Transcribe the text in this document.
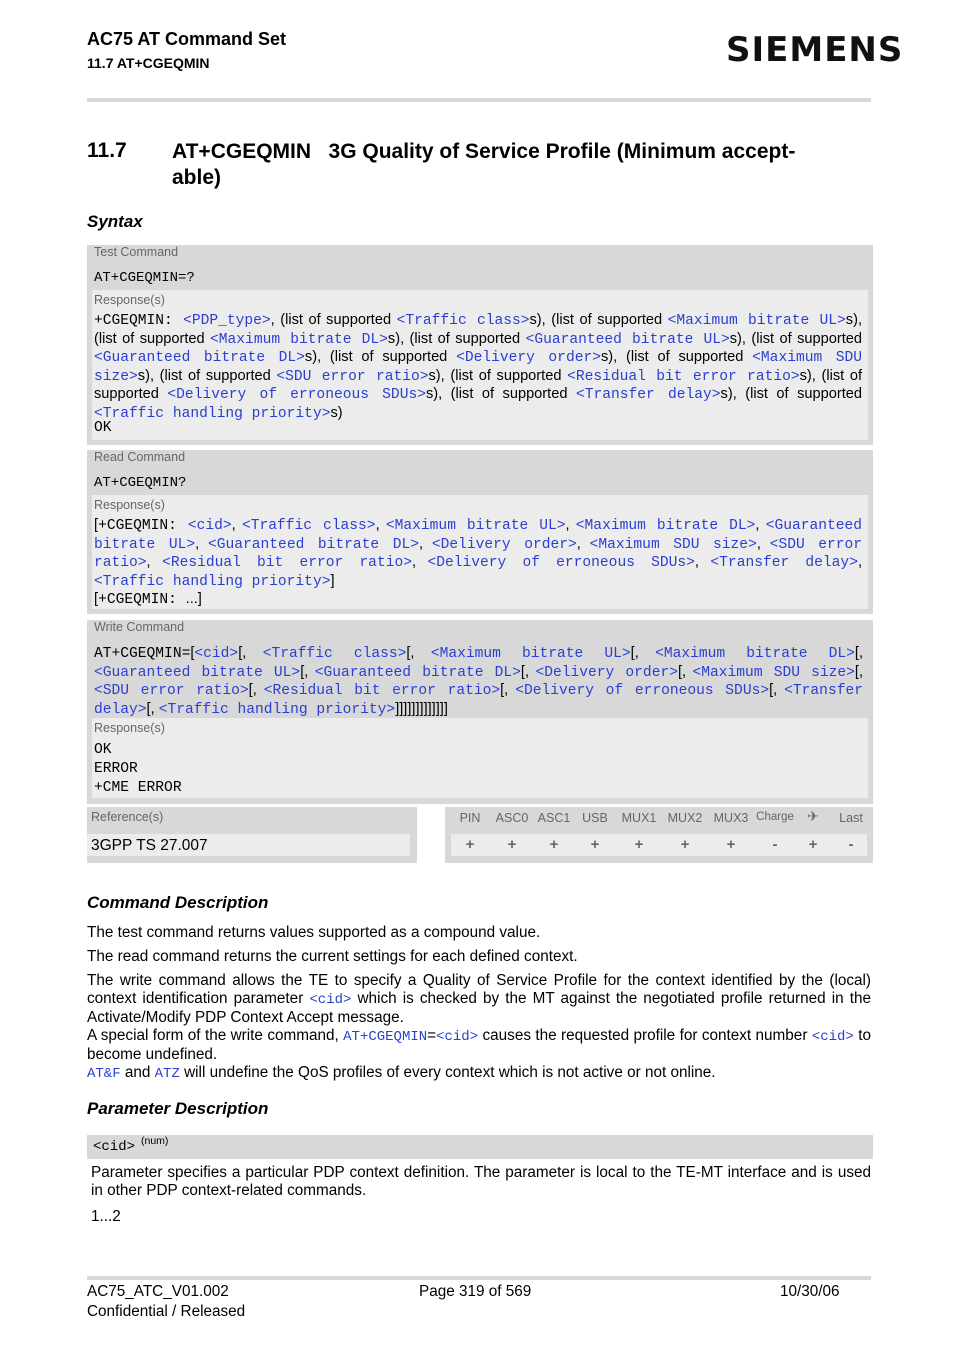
AC75 AT Command Set
11.7 AT+CGEQMIN	SIEMENS
11.7 AT+CGEQMIN   3G Quality of Service Profile (Minimum accept-
able)
Syntax
Test Command
AT+CGEQMIN=?
Response(s)
+CGEQMIN: <PDP_type>, (list of supported <Traffic class>s), (list of supported <Maximum bitrate UL>s), (list of supported <Maximum bitrate DL>s), (list of supported <Guaranteed bitrate UL>s), (list of supported <Guaranteed bitrate DL>s), (list of supported <Delivery order>s), (list of supported <Maximum SDU size>s), (list of supported <SDU error ratio>s), (list of supported <Residual bit error ratio>s), (list of supported <Delivery of erroneous SDUs>s), (list of supported <Transfer delay>s), (list of supported <Traffic handling priority>s)
OK
Read Command
AT+CGEQMIN?
Response(s)
[+CGEQMIN: <cid>, <Traffic class>, <Maximum bitrate UL>, <Maximum bitrate DL>, <Guaranteed bitrate UL>, <Guaranteed bitrate DL>, <Delivery order>, <Maximum SDU size>, <SDU error ratio>, <Residual bit error ratio>, <Delivery of erroneous SDUs>, <Transfer delay>, <Traffic handling priority>]
[+CGEQMIN: ...]
Write Command
AT+CGEQMIN=[<cid>[, <Traffic class>[, <Maximum bitrate UL>[, <Maximum bitrate DL>[, <Guaranteed bitrate UL>[, <Guaranteed bitrate DL>[, <Delivery order>[, <Maximum SDU size>[, <SDU error ratio>[, <Residual bit error ratio>[, <Delivery of erroneous SDUs>[, <Transfer delay>[, <Traffic handling priority>]]]]]]]]]]]]]
Response(s)
OK
ERROR
+CME ERROR
Reference(s)
3GPP TS 27.007
PIN ASC0 ASC1 USB MUX1 MUX2 MUX3 Charge ✈ Last
+ + + + + + + - + -
Command Description
The test command returns values supported as a compound value.
The read command returns the current settings for each defined context.
The write command allows the TE to specify a Quality of Service Profile for the context identified by the (local) context identification parameter <cid> which is checked by the MT against the negotiated profile returned in the Activate/Modify PDP Context Accept message.
A special form of the write command, AT+CGEQMIN=<cid> causes the requested profile for context number <cid> to become undefined.
AT&F and ATZ will undefine the QoS profiles of every context which is not active or not online.
Parameter Description
<cid> (num)
Parameter specifies a particular PDP context definition. The parameter is local to the TE-MT interface and is used in other PDP context-related commands.
1...2
AC75_ATC_V01.002
Confidential / Released
Page 319 of 569	10/30/06
